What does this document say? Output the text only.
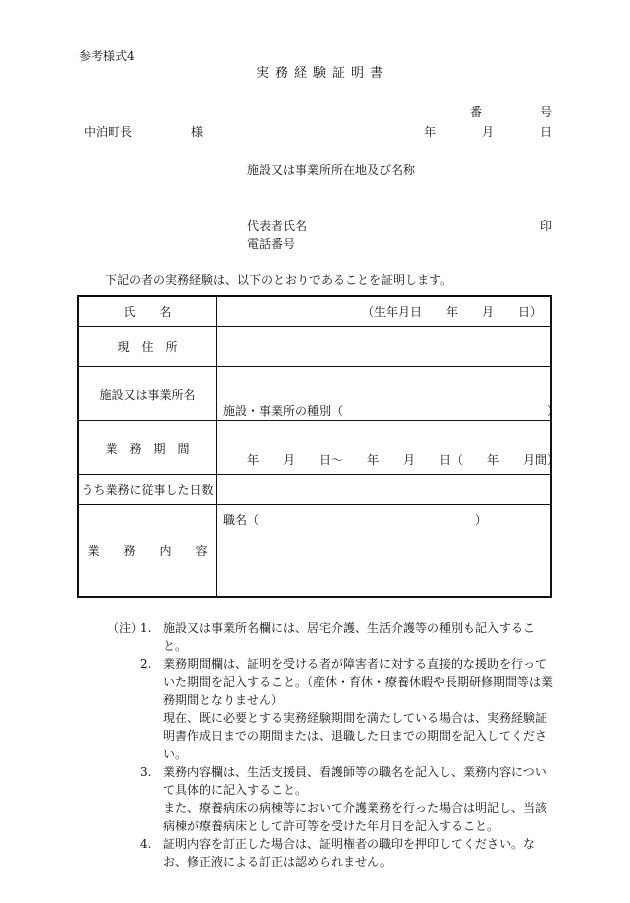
参考様式4
実務経験証明書
番	号
中泊町長	様	年	月	日
施設又は事業所所在地及び名称
代表者氏名	印
電話番号
下記の者の実務経験は、以下のとおりであることを証明します。
氏　　名	（生年月日　　年　　月　　日）

現　住　所	

施設又は事業所名	施設・事業所の種別（　　　　　　　　　　　　　　　　　）

業　務　期　間	年　　月　　日〜　　年　　月　　日（　　年　　月間）

うち業務に従事した日数	
業　　務　　内　　容	職名（　　　　　　　　　　　　　　　　　　）
（注）
1. 施設又は事業所名欄には、居宅介護、生活介護等の種別も記入すること。

2. 業務期間欄は、証明を受ける者が障害者に対する直接的な援助を行っていた期間を記入すること。（産休・育休・療養休暇や長期研修期間等は業務期間となりません）

現在、既に必要とする実務経験期間を満たしている場合は、実務経験証明書作成日までの期間または、退職した日までの期間を記入してください。

3. 業務内容欄は、生活支援員、看護師等の職名を記入し、業務内容について具体的に記入すること。

また、療養病床の病棟等において介護業務を行った場合は明記し、当該病棟が療養病床として許可等を受けた年月日を記入すること。

4. 証明内容を訂正した場合は、証明権者の職印を押印してください。なお、修正液による訂正は認められません。
